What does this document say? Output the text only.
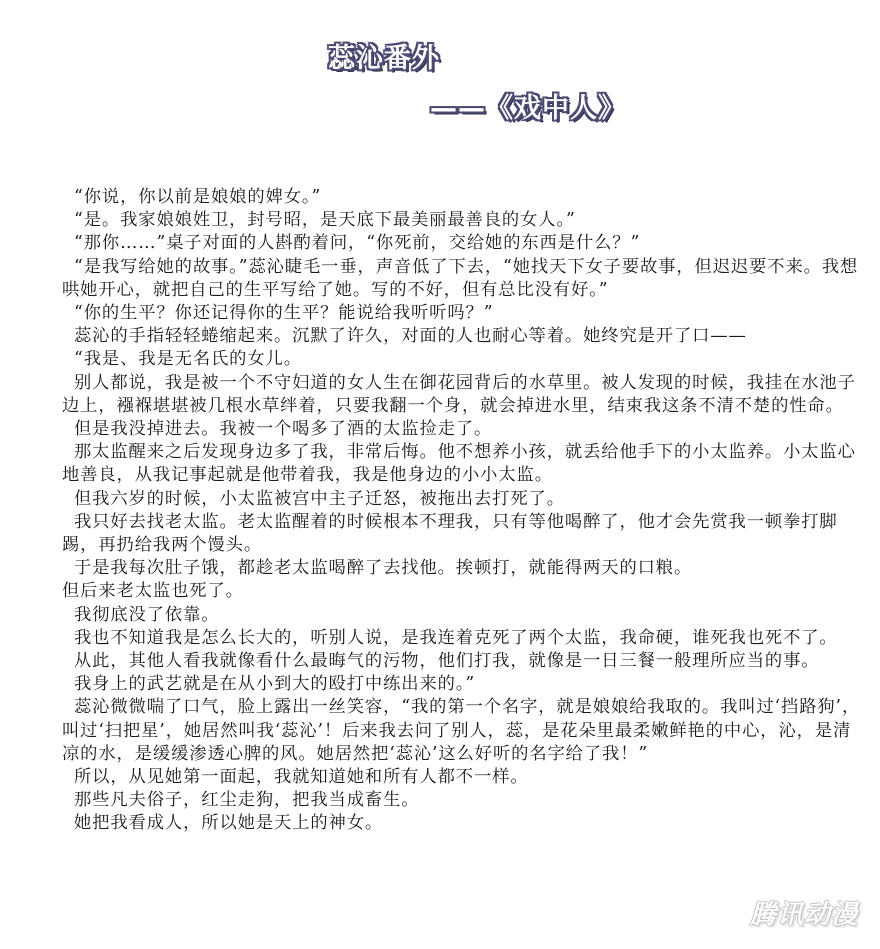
蕊沁番外
——《戏中人》

“你说，你以前是娘娘的婢女。”

“是。我家娘娘姓卫，封号昭，是天底下最美丽最善良的女人。”

“那你……”桌子对面的人斟酌着问，“你死前，交给她的东西是什么？”

“是我写给她的故事。”蕊沁睫毛一垂，声音低了下去，“她找天下女子要故事，但迟迟要不来。我想哄她开心，就把自己的生平写给了她。写的不好，但有总比没有好。”

“你的生平？你还记得你的生平？能说给我听听吗？”

蕊沁的手指轻轻蜷缩起来。沉默了许久，对面的人也耐心等着。她终究是开了口——

“我是、我是无名氏的女儿。

别人都说，我是被一个不守妇道的女人生在御花园背后的水草里。被人发现的时候，我挂在水池子边上，襁褓堪堪被几根水草绊着，只要我翻一个身，就会掉进水里，结束我这条不清不楚的性命。

但是我没掉进去。我被一个喝多了酒的太监捡走了。

那太监醒来之后发现身边多了我，非常后悔。他不想养小孩，就丢给他手下的小太监养。小太监心地善良，从我记事起就是他带着我，我是他身边的小小太监。

但我六岁的时候，小太监被宫中主子迁怒，被拖出去打死了。

我只好去找老太监。老太监醒着的时候根本不理我，只有等他喝醉了，他才会先赏我一顿拳打脚踢，再扔给我两个馒头。

于是我每次肚子饿，都趁老太监喝醉了去找他。挨顿打，就能得两天的口粮。

但后来老太监也死了。

我彻底没了依靠。

我也不知道我是怎么长大的，听别人说，是我连着克死了两个太监，我命硬，谁死我也死不了。

从此，其他人看我就像看什么最晦气的污物，他们打我，就像是一日三餐一般理所应当的事。

我身上的武艺就是在从小到大的殴打中练出来的。”

蕊沁微微喘了口气，脸上露出一丝笑容，“我的第一个名字，就是娘娘给我取的。我叫过‘挡路狗’，叫过‘扫把星’，她居然叫我‘蕊沁’！后来我去问了别人，蕊，是花朵里最柔嫩鲜艳的中心，沁，是清凉的水，是缓缓渗透心脾的风。她居然把‘蕊沁’这么好听的名字给了我！”

所以，从见她第一面起，我就知道她和所有人都不一样。

那些凡夫俗子，红尘走狗，把我当成畜生。

她把我看成人，所以她是天上的神女。

腾讯动漫
